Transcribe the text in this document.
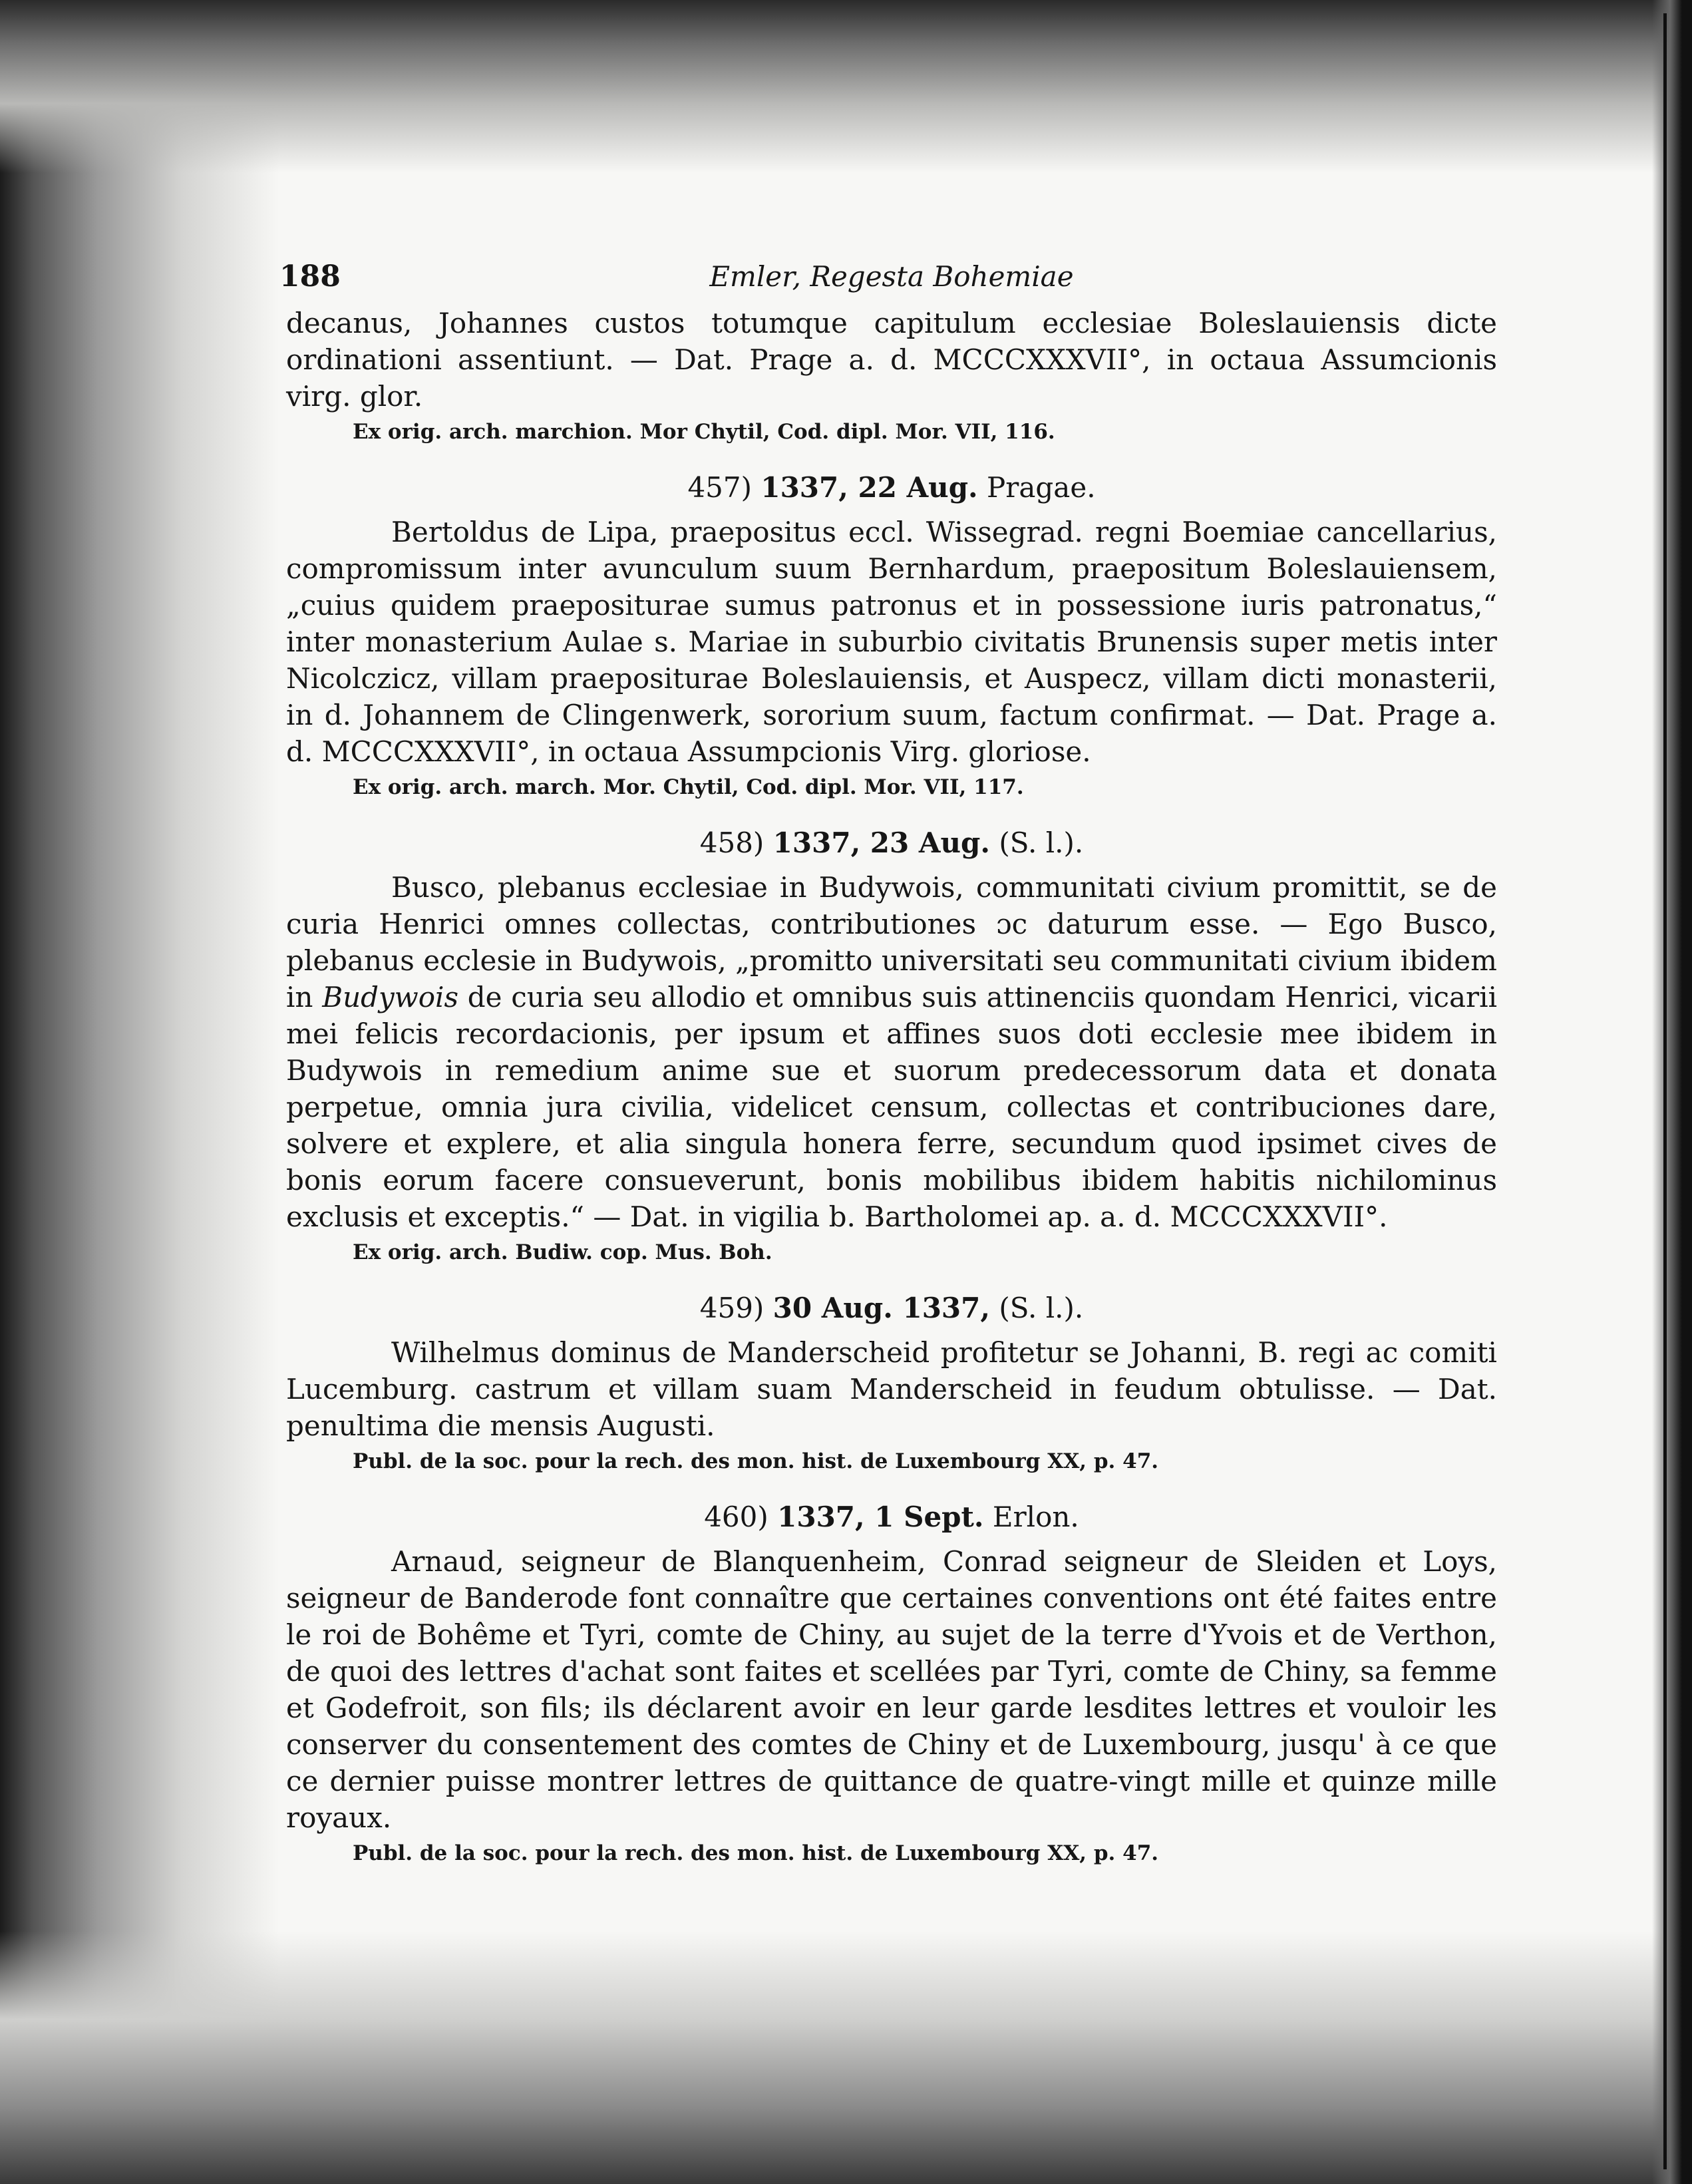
188	Emler, Regesta Bohemiae

decanus, Johannes custos totumque capitulum ecclesiae Boleslauiensis dicte ordinationi assentiunt. — Dat. Prage a. d. MCCCXXXVII°, in octaua Assumcionis virg. glor.

Ex orig. arch. marchion. Mor Chytil, Cod. dipl. Mor. VII, 116.

457) 1337, 22 Aug. Pragae.

Bertoldus de Lipa, praepositus eccl. Wissegrad. regni Boemiae cancellarius, compromissum inter avunculum suum Bernhardum, praepositum Boleslauiensem, „cuius quidem praepositurae sumus patronus et in possessione iuris patronatus,“ inter monasterium Aulae s. Mariae in suburbio civitatis Brunensis super metis inter Nicolczicz, villam praepositurae Boleslauiensis, et Auspecz, villam dicti monasterii, in d. Johannem de Clingenwerk, sororium suum, factum confirmat. — Dat. Prage a. d. MCCCXXXVII°, in octaua Assumpcionis Virg. gloriose.

Ex orig. arch. march. Mor. Chytil, Cod. dipl. Mor. VII, 117.

458) 1337, 23 Aug. (S. l.).

Busco, plebanus ecclesiae in Budywois, communitati civium promittit, se de curia Henrici omnes collectas, contributiones ɔc daturum esse. — Ego Busco, plebanus ecclesie in Budywois, „promitto universitati seu communitati civium ibidem in Budywois de curia seu allodio et omnibus suis attinenciis quondam Henrici, vicarii mei felicis recordacionis, per ipsum et affines suos doti ecclesie mee ibidem in Budywois in remedium anime sue et suorum predecessorum data et donata perpetue, omnia jura civilia, videlicet censum, collectas et contribuciones dare, solvere et explere, et alia singula honera ferre, secundum quod ipsimet cives de bonis eorum facere consueverunt, bonis mobilibus ibidem habitis nichilominus exclusis et exceptis.“ — Dat. in vigilia b. Bartholomei ap. a. d. MCCCXXXVII°.

Ex orig. arch. Budiw. cop. Mus. Boh.

459) 30 Aug. 1337, (S. l.).

Wilhelmus dominus de Manderscheid profitetur se Johanni, B. regi ac comiti Lucemburg. castrum et villam suam Manderscheid in feudum obtulisse. — Dat. penultima die mensis Augusti.

Publ. de la soc. pour la rech. des mon. hist. de Luxembourg XX, p. 47.

460) 1337, 1 Sept. Erlon.

Arnaud, seigneur de Blanquenheim, Conrad seigneur de Sleiden et Loys, seigneur de Banderode font connaître que certaines conventions ont été faites entre le roi de Bohême et Tyri, comte de Chiny, au sujet de la terre d'Yvois et de Verthon, de quoi des lettres d'achat sont faites et scellées par Tyri, comte de Chiny, sa femme et Godefroit, son fils; ils déclarent avoir en leur garde lesdites lettres et vouloir les conserver du consentement des comtes de Chiny et de Luxembourg, jusqu' à ce que ce dernier puisse montrer lettres de quittance de quatre-vingt mille et quinze mille royaux.

Publ. de la soc. pour la rech. des mon. hist. de Luxembourg XX, p. 47.
